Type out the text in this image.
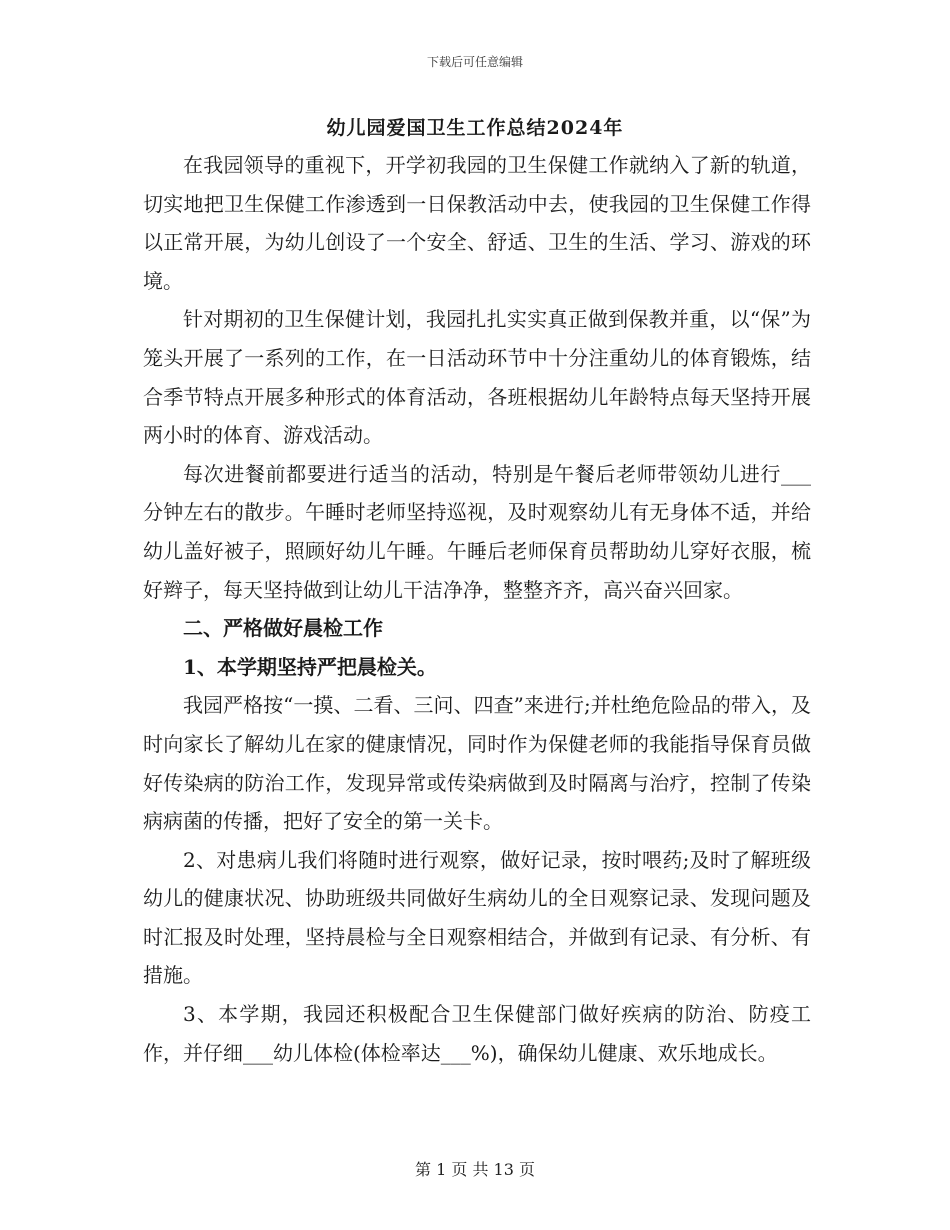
下载后可任意编辑
幼儿园爱国卫生工作总结2024年

在我园领导的重视下，开学初我园的卫生保健工作就纳入了新的轨道，切实地把卫生保健工作渗透到一日保教活动中去，使我园的卫生保健工作得以正常开展，为幼儿创设了一个安全、舒适、卫生的生活、学习、游戏的环境。

针对期初的卫生保健计划，我园扎扎实实真正做到保教并重，以“保”为笼头开展了一系列的工作，在一日活动环节中十分注重幼儿的体育锻炼，结合季节特点开展多种形式的体育活动，各班根据幼儿年龄特点每天坚持开展两小时的体育、游戏活动。

每次进餐前都要进行适当的活动，特别是午餐后老师带领幼儿进行___分钟左右的散步。午睡时老师坚持巡视，及时观察幼儿有无身体不适，并给幼儿盖好被子，照顾好幼儿午睡。午睡后老师保育员帮助幼儿穿好衣服，梳好辫子，每天坚持做到让幼儿干洁净净，整整齐齐，高兴奋兴回家。

二、严格做好晨检工作

1、本学期坚持严把晨检关。

我园严格按“一摸、二看、三问、四查”来进行;并杜绝危险品的带入，及时向家长了解幼儿在家的健康情况，同时作为保健老师的我能指导保育员做好传染病的防治工作，发现异常或传染病做到及时隔离与治疗，控制了传染病病菌的传播，把好了安全的第一关卡。

2、对患病儿我们将随时进行观察，做好记录，按时喂药;及时了解班级幼儿的健康状况、协助班级共同做好生病幼儿的全日观察记录、发现问题及时汇报及时处理，坚持晨检与全日观察相结合，并做到有记录、有分析、有措施。

3、本学期，我园还积极配合卫生保健部门做好疾病的防治、防疫工作，并仔细___幼儿体检(体检率达___%)，确保幼儿健康、欢乐地成长。

第 1 页 共 13 页
